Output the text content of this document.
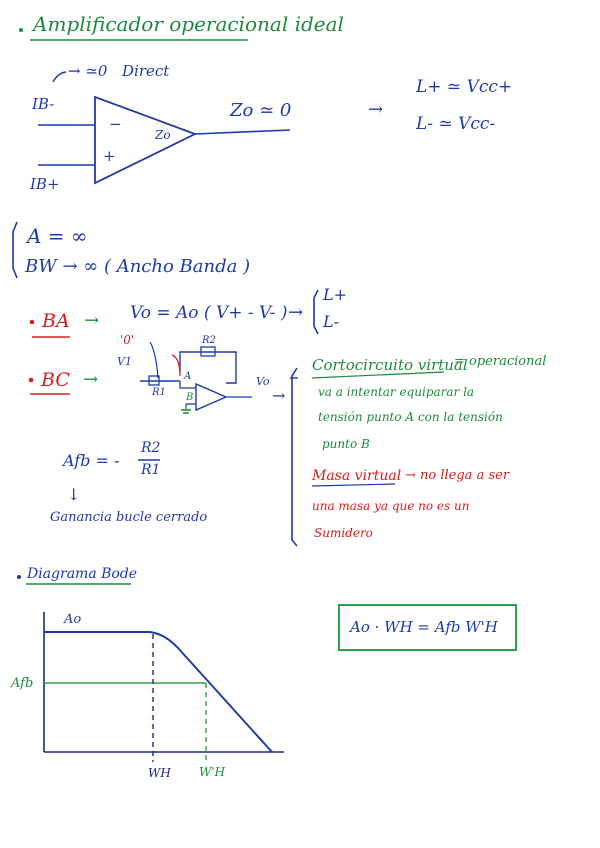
Amplificador operacional ideal
→ ≃0 Direct
IB-
IB+
−
+
Zo
Zo ≃ 0	→
L+ ≃ Vcc+
L- ≃ Vcc-
A = ∞
BW → ∞ ( Ancho Banda )
BA → Vo = Ao ( V+ - V- ) →
L+
L-
BC →
'0'
V1
R2
R1
A
B
Vo
→
Cortocircuito virtual
= operacional
va a intentar equiparar la
tensión punto A con la tensión
punto B
Masa virtual → no llega a ser
una masa ya que no es un
Sumidero
Afb = -
R2
R1
↓
Ganancia bucle cerrado
Diagrama Bode
Ao
Afb
WH W'H
Ao · WH = Afb W'H
